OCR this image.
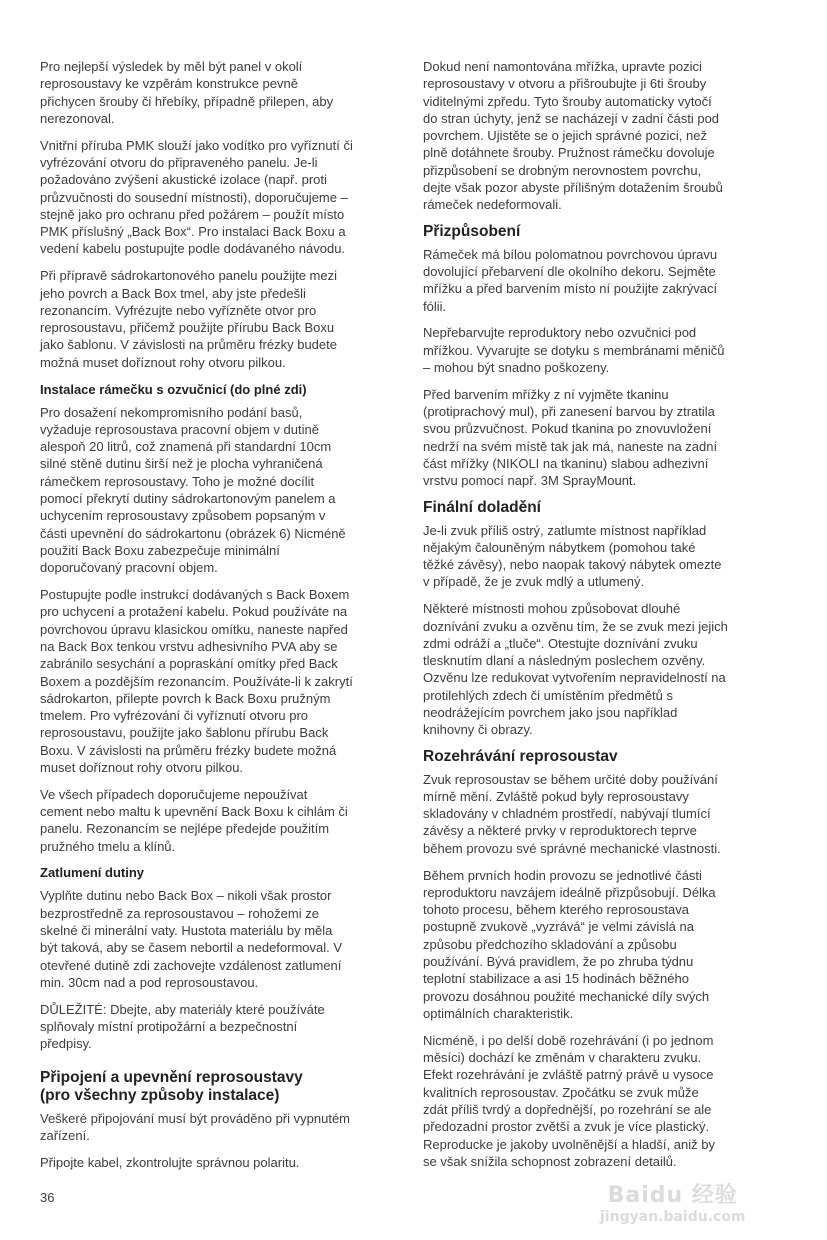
Pro nejlepší výsledek by měl být panel v okolí
reprosoustavy ke vzpěrám konstrukce pevně
přichycen šrouby či hřebíky, případně přilepen, aby
nerezonoval.
Vnitřní příruba PMK slouží jako vodítko pro vyříznutí či
vyfrézování otvoru do připraveného panelu. Je-li
požadováno zvýšení akustické izolace (např. proti
průzvučnosti do sousední místnosti), doporučujeme –
stejně jako pro ochranu před požárem – použít místo
PMK příslušný „Back Box“. Pro instalaci Back Boxu a
vedení kabelu postupujte podle dodávaného návodu.
Při přípravě sádrokartonového panelu použijte mezi
jeho povrch a Back Box tmel, aby jste předešli
rezonancím. Vyfrézujte nebo vyřízněte otvor pro
reprosoustavu, přičemž použijte přírubu Back Boxu
jako šablonu. V závislosti na průměru frézky budete
možná muset doříznout rohy otvoru pilkou.
Instalace rámečku s ozvučnicí (do plné zdi)
Pro dosažení nekompromisního podání basů,
vyžaduje reprosoustava pracovní objem v dutině
alespoň 20 litrů, což znamená při standardní 10cm
silné stěně dutinu širší než je plocha vyhraničená
rámečkem reprosoustavy. Toho je možné docílit
pomocí překrytí dutiny sádrokartonovým panelem a
uchycením reprosoustavy způsobem popsaným v
části upevnění do sádrokartonu (obrázek 6) Nicméně
použití Back Boxu zabezpečuje minimální
doporučovaný pracovní objem.
Postupujte podle instrukcí dodávaných s Back Boxem
pro uchycení a protažení kabelu. Pokud používáte na
povrchovou úpravu klasickou omítku, naneste napřed
na Back Box tenkou vrstvu adhesivního PVA aby se
zabránilo sesychání a popraskání omítky před Back
Boxem a pozdějším rezonancím. Používáte-li k zakrytí
sádrokarton, přilepte povrch k Back Boxu pružným
tmelem. Pro vyfrézování či vyříznutí otvoru pro
reprosoustavu, použijte jako šablonu přírubu Back
Boxu. V závislosti na průměru frézky budete možná
muset doříznout rohy otvoru pilkou.
Ve všech případech doporučujeme nepoužívat
cement nebo maltu k upevnění Back Boxu k cihlám či
panelu. Rezonancím se nejlépe předejde použitím
pružného tmelu a klínů.
Zatlumení dutiny
Vyplňte dutinu nebo Back Box – nikoli však prostor
bezprostředně za reprosoustavou – rohožemi ze
skelné či minerální vaty. Hustota materiálu by měla
být taková, aby se časem nebortil a nedeformoval. V
otevřené dutině zdi zachovejte vzdálenost zatlumení
min. 30cm nad a pod reprosoustavou.
DŮLEŽITÉ: Dbejte, aby materiály které používáte
splňovaly místní protipožární a bezpečnostní
předpisy.
Připojení a upevnění reprosoustavy
(pro všechny způsoby instalace)
Veškeré připojování musí být prováděno při vypnutém
zařízení.
Připojte kabel, zkontrolujte správnou polaritu.
Dokud není namontována mřížka, upravte pozici
reprosoustavy v otvoru a přišroubujte ji 6ti šrouby
viditelnými zpředu. Tyto šrouby automaticky vytočí
do stran úchyty, jenž se nacházejí v zadní části pod
povrchem. Ujistěte se o jejich správné pozici, než
plně dotáhnete šrouby. Pružnost rámečku dovoluje
přizpůsobení se drobným nerovnostem povrchu,
dejte však pozor abyste přílišným dotažením šroubů
rámeček nedeformovali.
Přizpůsobení
Rámeček má bílou polomatnou povrchovou úpravu
dovolující přebarvení dle okolního dekoru. Sejměte
mřížku a před barvením místo ní použijte zakrývací
fólii.
Nepřebarvujte reproduktory nebo ozvučnici pod
mřížkou. Vyvarujte se dotyku s membránami měničů
– mohou být snadno poškozeny.
Před barvením mřížky z ní vyjměte tkaninu
(protiprachový mul), při zanesení barvou by ztratila
svou průzvučnost. Pokud tkanina po znovuvložení
nedrží na svém místě tak jak má, naneste na zadní
část mřížky (NIKOLI na tkaninu) slabou adhezivní
vrstvu pomocí např. 3M SprayMount.
Finální doladění
Je-li zvuk příliš ostrý, zatlumte místnost například
nějakým čalouněným nábytkem (pomohou také
těžké závěsy), nebo naopak takový nábytek omezte
v případě, že je zvuk mdlý a utlumený.
Některé místnosti mohou způsobovat dlouhé
doznívání zvuku a ozvěnu tím, že se zvuk mezi jejich
zdmi odráží a „tluče“. Otestujte doznívání zvuku
tlesknutím dlaní a následným poslechem ozvěny.
Ozvěnu lze redukovat vytvořením nepravidelností na
protilehlých zdech či umístěním předmětů s
neodrážejícím povrchem jako jsou například
knihovny či obrazy.
Rozehrávání reprosoustav
Zvuk reprosoustav se během určité doby používání
mírně mění. Zvláště pokud byly reprosoustavy
skladovány v chladném prostředí, nabývají tlumící
závěsy a některé prvky v reproduktorech teprve
během provozu své správné mechanické vlastnosti.
Během prvních hodin provozu se jednotlivé části
reproduktoru navzájem ideálně přizpůsobují. Délka
tohoto procesu, během kterého reprosoustava
postupně zvukově „vyzrává“ je velmi závislá na
způsobu předchozího skladování a způsobu
používání. Bývá pravidlem, že po zhruba týdnu
teplotní stabilizace a asi 15 hodinách běžného
provozu dosáhnou použité mechanické díly svých
optimálních charakteristik.
Nicméně, i po delší době rozehrávání (i po jednom
měsíci) dochází ke změnám v charakteru zvuku.
Efekt rozehrávání je zvláště patrný právě u vysoce
kvalitních reprosoustav. Zpočátku se zvuk může
zdát příliš tvrdý a dopřednější, po rozehrání se ale
předozadní prostor zvětší a zvuk je více plastický.
Reproducke je jakoby uvolněnější a hladší, aniž by
se však snížila schopnost zobrazení detailů.
36	Baidu 经验
jingyan.baidu.com
